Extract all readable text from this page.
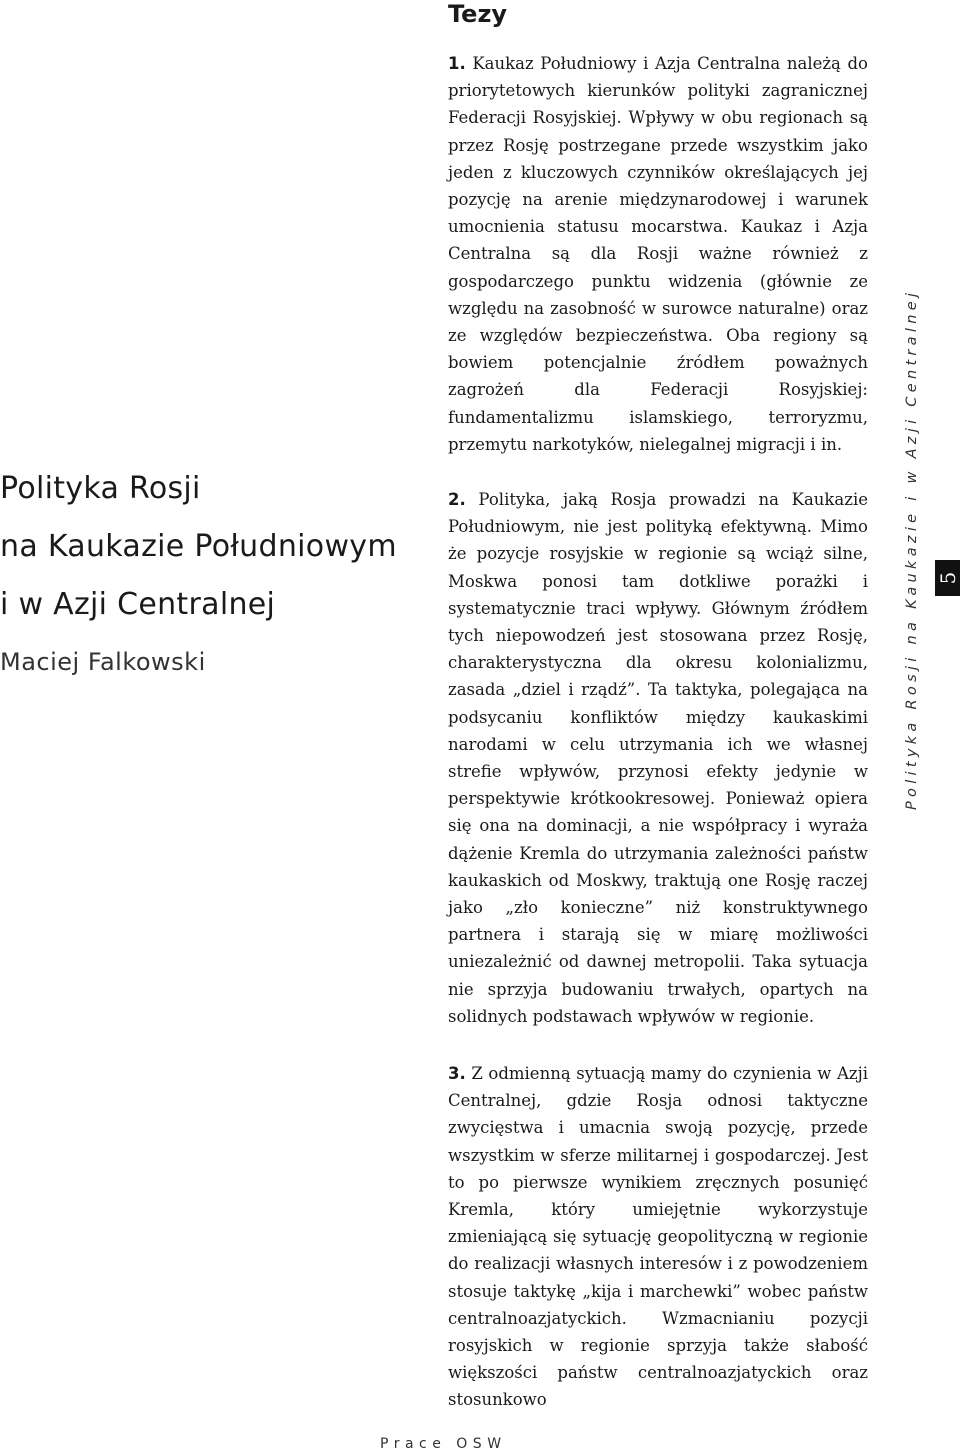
Polityka Rosji
na Kaukazie Południowym
i w Azji Centralnej
Maciej Falkowski
Tezy

1. Kaukaz Południowy i Azja Centralna należą do priorytetowych kierunków polityki zagranicznej Federacji Rosyjskiej. Wpływy w obu regionach są przez Rosję postrzegane przede wszystkim jako jeden z kluczowych czynników określających jej pozycję na arenie międzynarodowej i warunek umocnienia statusu mocarstwa. Kaukaz i Azja Centralna są dla Rosji ważne również z gospodarczego punktu widzenia (głównie ze względu na zasobność w surowce naturalne) oraz ze względów bezpieczeństwa. Oba regiony są bowiem potencjalnie źródłem poważnych zagrożeń dla Federacji Rosyjskiej: fundamentalizmu islamskiego, terroryzmu, przemytu narkotyków, nielegalnej migracji i in.

2. Polityka, jaką Rosja prowadzi na Kaukazie Południowym, nie jest polityką efektywną. Mimo że pozycje rosyjskie w regionie są wciąż silne, Moskwa ponosi tam dotkliwe porażki i systematycznie traci wpływy. Głównym źródłem tych niepowodzeń jest stosowana przez Rosję, charakterystyczna dla okresu kolonializmu, zasada „dziel i rządź”. Ta taktyka, polegająca na podsycaniu konfliktów między kaukaskimi narodami w celu utrzymania ich we własnej strefie wpływów, przynosi efekty jedynie w perspektywie krótkookresowej. Ponieważ opiera się ona na dominacji, a nie współpracy i wyraża dążenie Kremla do utrzymania zależności państw kaukaskich od Moskwy, traktują one Rosję raczej jako „zło konieczne” niż konstruktywnego partnera i starają się w miarę możliwości uniezależnić od dawnej metropolii. Taka sytuacja nie sprzyja budowaniu trwałych, opartych na solidnych podstawach wpływów w regionie.

3. Z odmienną sytuacją mamy do czynienia w Azji Centralnej, gdzie Rosja odnosi taktyczne zwycięstwa i umacnia swoją pozycję, przede wszystkim w sferze militarnej i gospodarczej. Jest to po pierwsze wynikiem zręcznych posunięć Kremla, który umiejętnie wykorzystuje zmieniającą się sytuację geopolityczną w regionie do realizacji własnych interesów i z powodzeniem stosuje taktykę „kija i marchewki” wobec państw centralnoazjatyckich. Wzmacnianiu pozycji rosyjskich w regionie sprzyja także słabość większości państw centralnoazjatyckich oraz stosunkowo

Polityka Rosji na Kaukazie i w Azji Centralnej 5
Prace OSW
